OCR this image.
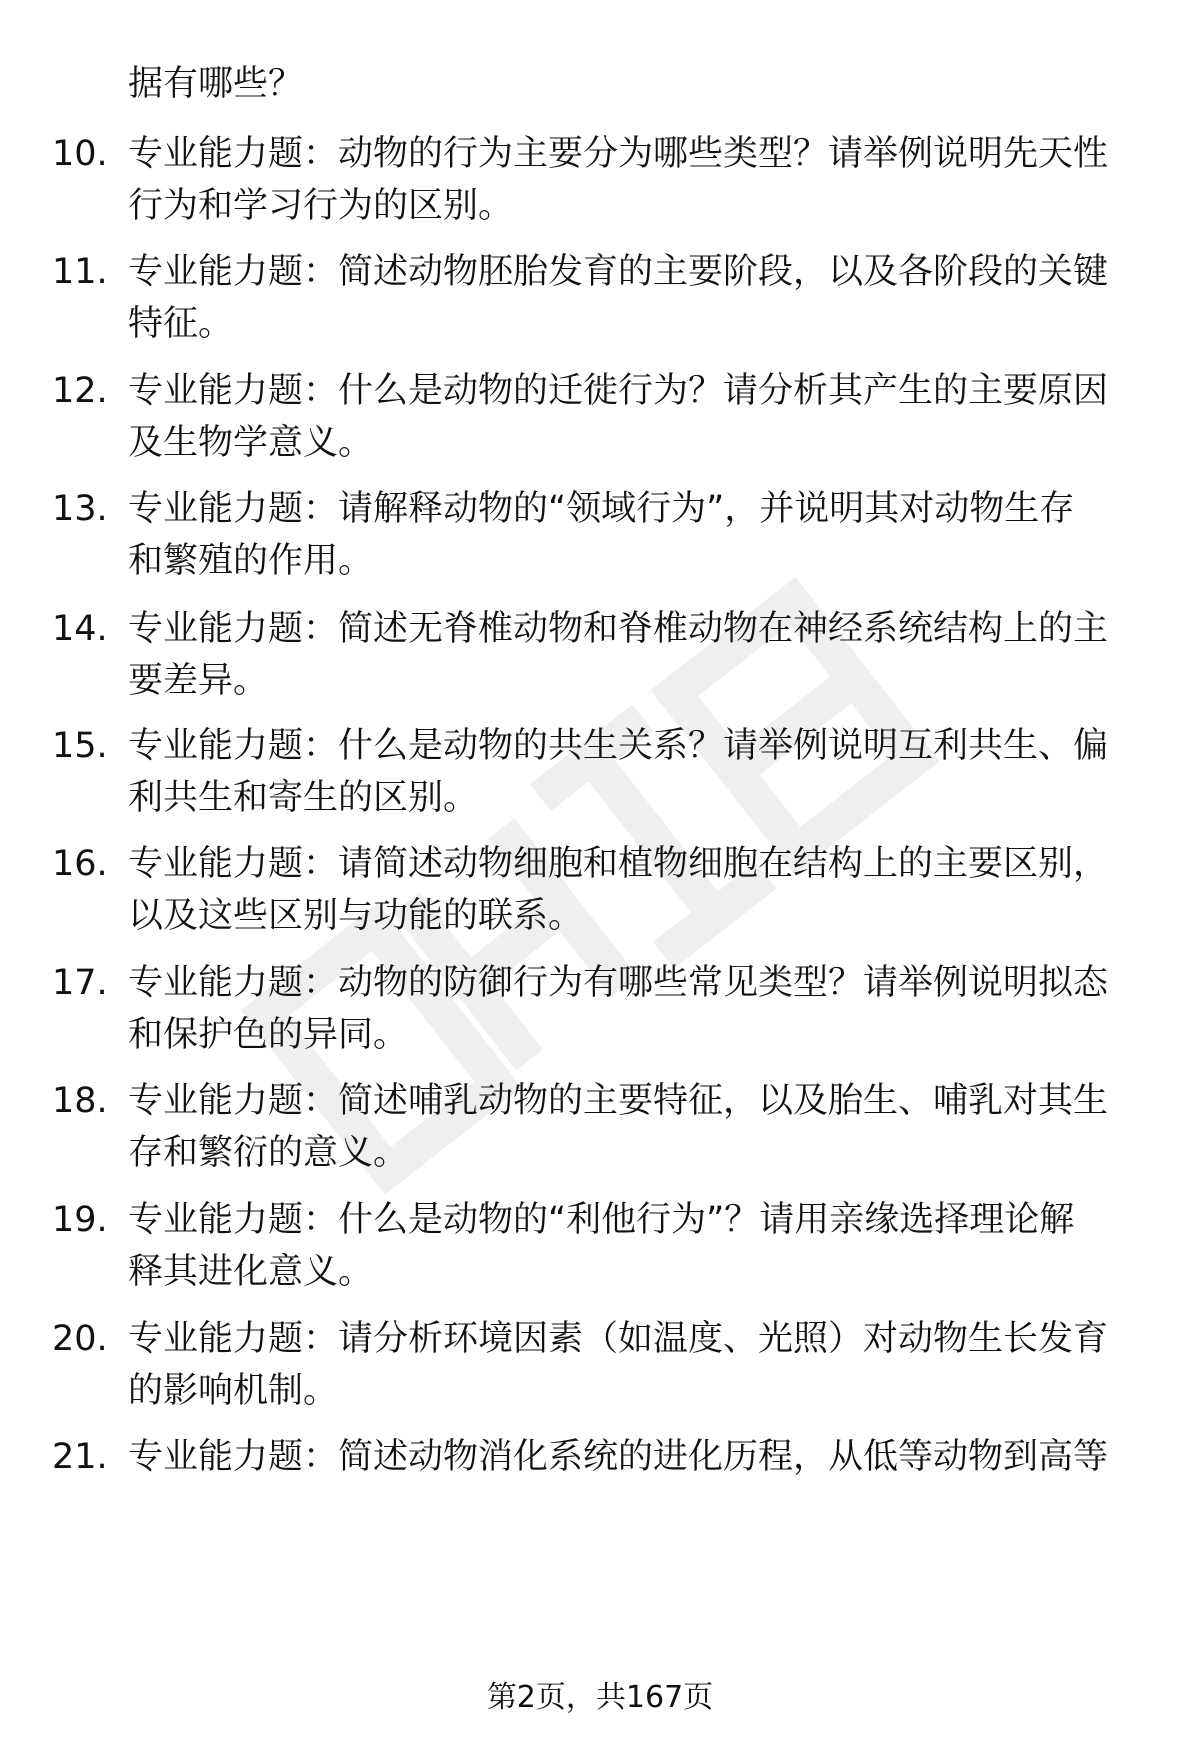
据有哪些？
10. 专业能力题：动物的行为主要分为哪些类型？请举例说明先天性
行为和学习行为的区别。
11. 专业能力题：简述动物胚胎发育的主要阶段，以及各阶段的关键
特征。
12. 专业能力题：什么是动物的迁徙行为？请分析其产生的主要原因
及生物学意义。
13. 专业能力题：请解释动物的“领域行为”，并说明其对动物生存
和繁殖的作用。
14. 专业能力题：简述无脊椎动物和脊椎动物在神经系统结构上的主
要差异。
15. 专业能力题：什么是动物的共生关系？请举例说明互利共生、偏
利共生和寄生的区别。
16. 专业能力题：请简述动物细胞和植物细胞在结构上的主要区别，
以及这些区别与功能的联系。
17. 专业能力题：动物的防御行为有哪些常见类型？请举例说明拟态
和保护色的异同。
18. 专业能力题：简述哺乳动物的主要特征，以及胎生、哺乳对其生
存和繁衍的意义。
19. 专业能力题：什么是动物的“利他行为”？请用亲缘选择理论解
释其进化意义。
20. 专业能力题：请分析环境因素（如温度、光照）对动物生长发育
的影响机制。
21. 专业能力题：简述动物消化系统的进化历程，从低等动物到高等
第2页，共167页
